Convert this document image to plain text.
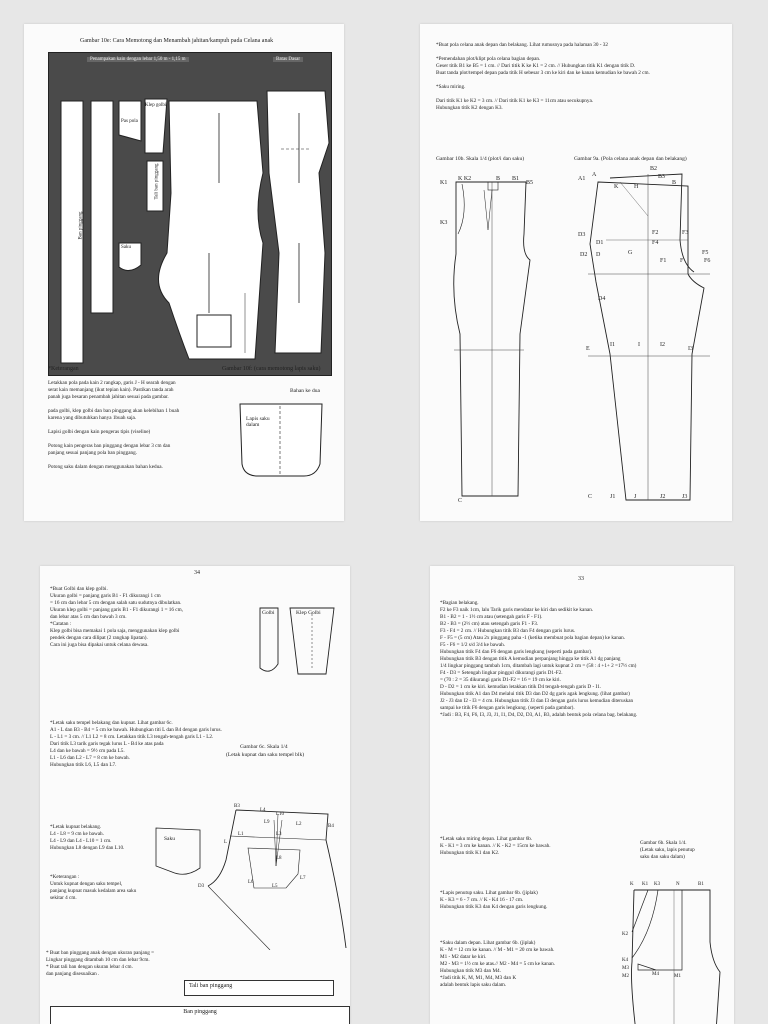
Gambar 10e: Cara Memotong dan Menambah jahitan/kampuh pada Celana anak
Penampakan kain dengan lebar 1,50 m - 1,15 m	Batas Dasar
Ban pinggang
Pas pola
Klep golbi
Saku
Tali ban pinggang
Gambar 10f: (cara memotong lapis saku)
*Keterangan
Letakkan pola pada kain 2 rangkap, garis J - H searah dengan
serat kain memanjang (ikut tepian kain). Pastikan tanda arah
panah juga besaran penambah jahitan sesuai pada gambar.

pada golbi, klep golbi dan ban pinggang akan kelebihan 1 buah
karena yang dibutuhkan hanya 1buah saja.

Lapisi golbi dengan kain pengeras tipis (viseline)

Potong kain pengeras ban pinggang dengan lebar 3 cm dan
panjang sesuai panjang pola ban pinggang.

Potong saku dalam dengan menggunakan bahan kedua.
Bahan ke dua
Lapis saku dalam
*Buat pola celana anak depan dan belakang. Lihat rumusnya pada halaman 30 - 32

*Pemendahan plot/klipt pola celana bagian depan.
Geser titik B1 ke B5 = 1 cm. // Dari titik K ke K1 = 2 cm. // Hubungkan titik K1 dengan titik D.
Buat tanda plot/tempel depan pada titik H sebesar 3 cm ke kiri dan ke kanan kemudian ke bawah 2 cm.

*Saku miring.

Dari titik K1 ke K2 = 3 cm. // Dari titik K1 ke K3 = 11cm atau secukupnya.
Hubungkan titik K2 dengan K3.
Gambar 10b. Skala 1/4 (plot/i dan saku)	Gambar 9a. (Pola celana anak depan dan belakang)
K1
K K2	B B1
B5
K3
C
A1
A
B2
B
K	H
B3
D3
D1
F2
F4
D2 D	G
F1 F
F5
F6
F3
D4
E
I1	I	I2
I3
C	J1	J	J2	J3
34
*Buat Golbi dan klep golbi.
Ukuran golbi = panjang garis B1 - F1 dikurangi 1 cm
= 16 cm dan lebar 5 cm dengan salah satu sudutnya dibulatkan.
Ukuran klep golbi = panjang garis B1 - F1 dikurangi 1 = 16 cm,
dan lebar atas 5 cm dan bawah 3 cm.
*Catatan :
Klep golbi bisa memakai 1 pola saja, menggunakan klep golbi
pendek dengan cara dilipat (2 rangkap lipatan).
Cara ini juga bisa dipakai untuk celana dewasa.
Golbi	Klep Golbi
*Letak saku tempel belakang dan kupnat. Lihat gambar 6c.
A1 - L dan B3 - B4 = 5 cm ke bawah. Hubungkan titi L dan B4 dengan garis lurus.
L - L1 = 3 cm. // L1 L2 = 8 cm. Letakkan titik L3 tengah-tengah garis L1 - L2.
Dari titik L3 tarik garis tegak lurus L - B4 ke atas pada
L4 dan ke bawah = 9½ cm pada L5.
L1 - L6 dan L2 - L7 = 8 cm ke bawah.
Hubungkan titik L6, L5 dan L7.
Gambar 6c. Skala 1/4
(Letak kupnat dan saku tempel blk)
*Letak kupnat belakang.
L4 - L8 = 9 cm ke bawah.
L4 - L9 dan L4 - L10 = 1 cm.
Hubungkan L8 dengan L9 dan L10.
Saku
B3
L4
L10
L9	L2	B4
L3
L1
L
L8
L6
L5
L7
D3
*Keterangan :
Untuk kupnat dengan saku tempel,
panjang kupnat masuk kedalam area saku
sekitar 4 cm.
* Buat ban pinggang anak dengan ukuran panjang =
Lingkar pinggang ditambah 10 cm dan lebar 9cm.
* Buat tali ban dengan ukuran lebar 4 cm.
dan panjang disesuaikan .
Tali ban pinggang
Ban pinggang
33
*Bagian belakang.
F2 ke F3 naik 1cm, lalu Tarik garis mendatar ke kiri dan sedikit ke kanan.
B1 - B2 = 1 - 1½ cm atau (setengah garis F - F1).
B2 - B3 = (2½ cm) atau setengah garis F1 - F3.
F3 - F4 = 2 cm. // Hubungkan titik B3 dan F4 dengan garis lurus.
F - F5 = (5 cm) Atau 2x pinggang paha -1 (ketika membuat pola bagian depan) ke kanan.
F5 - F6 = 1/2 s/d 3/4 ke bawah.
Hubungkan titik F4 dan F6 dengan garis lengkung (seperti pada gambar).
Hubungkan titik B3 dengan titik A kemudian perpanjang hingga ke titik A1 dg panjang
1/4 lingkar pinggang tambah 1cm, ditambah lagi untuk kupnat 2 cm = (58 : 4 +1+ 2 =17½ cm)
F4 - D3 = Setengah lingkar pinggul dikurangi garis D1-F2.
= (70 : 2 = 35 dikurangi garis D1-F2 = 16 = 19 cm ke kiri.
D - D2 = 1 cm ke kiri. kemudian letakkan titik D4 tengah-tengah garis D - I1.
Hubungkan titik A1 dan D4 melalui titik D3 dan D2 dg garis agak lengkung. (lihat gambar)
J2 - J3 dan I2 - I3 = 4 cm. Hubungkan titik J3 dan I3 dengan garis lurus kemudian diteruskan
sampai ke titik F6 dengan garis lengkung. (seperti pada gambar).
*Jadi : B3, F4, F6, I3, J3, J1, I1, D4, D2, D3, A1, B3, adalah bentuk pola celana bag. belakang.
*Letak saku miring depan. Lihat gambar 6b.
K - K1 = 3 cm ke kanan. // K - K2 = 15cm ke bawah.
Hubungkan titik K1 dan K2.
Gambar 6b. Skala 1/4.
(Letak saku, lapis penutup
saku dan saku dalam)
*Lapis penutup saku. Lihat gambar 6b. (jiplak)
K - K3 = 6 - 7 cm. // K - K4 16 - 17 cm.
Hubungkan titik K3 dan K4 dengan garis lengkung.
*Saku dalam depan. Lihat gambar 6b. (jiplak)
K - M = 12 cm ke kanan. // M - M1 = 20 cm ke bawah.
M1 - M2 datar ke kiri.
M2 - M3 = 1½ cm ke atas.// M2 - M4 = 5 cm ke kanan.
Hubungkan titik M3 dan M4.
*Jadi titik K, M, M1, M4, M3 dan K
adalah bentuk lapis saku dalam.
K K1 K3	N	B1
K2
K4
M3
M2	M4	M1
